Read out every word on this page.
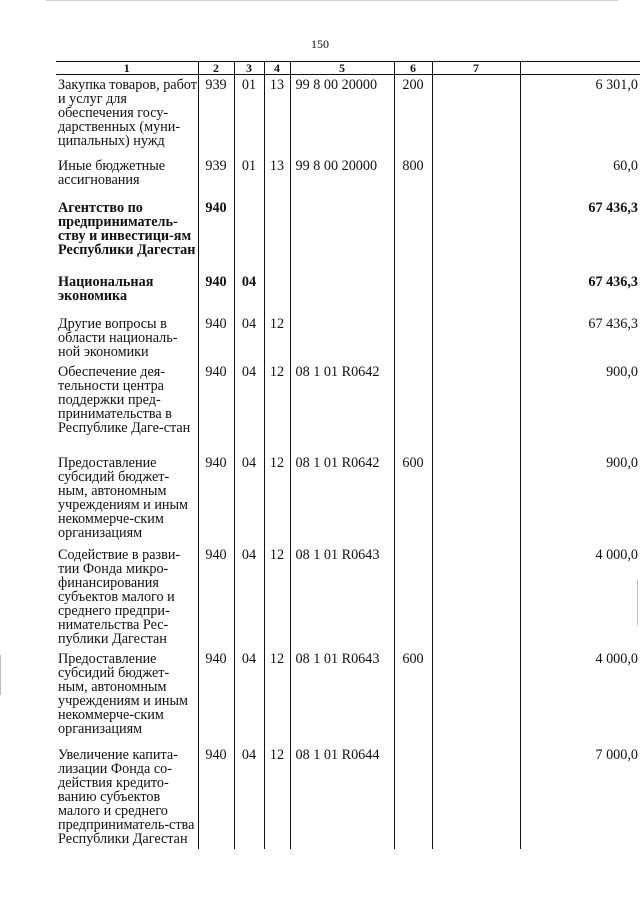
150
1	2	3	4	5	6	7	
Закупка товаров, работ и услуг для обеспечения госу-дарственных (муни-ципальных) нужд	939	01	13	99 8 00 20000	200		6 301,0
Иные бюджетные ассигнования	939	01	13	99 8 00 20000	800		60,0
Агентство по предприниматель-ству и инвестици-ям Республики Дагестан	940						67 436,3
Национальная экономика	940	04					67 436,3
Другие вопросы в области националь-ной экономики	940	04	12				67 436,3
Обеспечение дея-тельности центра поддержки пред-принимательства в Республике Даге-стан	940	04	12	08 1 01 R0642			900,0
Предоставление субсидий бюджет-ным, автономным учреждениям и иным некоммерче-ским организациям	940	04	12	08 1 01 R0642	600		900,0
Содействие в разви-тии Фонда микро-финансирования субъектов малого и среднего предпри-нимательства Рес-публики Дагестан	940	04	12	08 1 01 R0643			4 000,0
Предоставление субсидий бюджет-ным, автономным учреждениям и иным некоммерче-ским организациям	940	04	12	08 1 01 R0643	600		4 000,0
Увеличение капита-лизации Фонда со-действия кредито-ванию субъектов малого и среднего предприниматель-ства Республики Дагестан	940	04	12	08 1 01 R0644			7 000,0
